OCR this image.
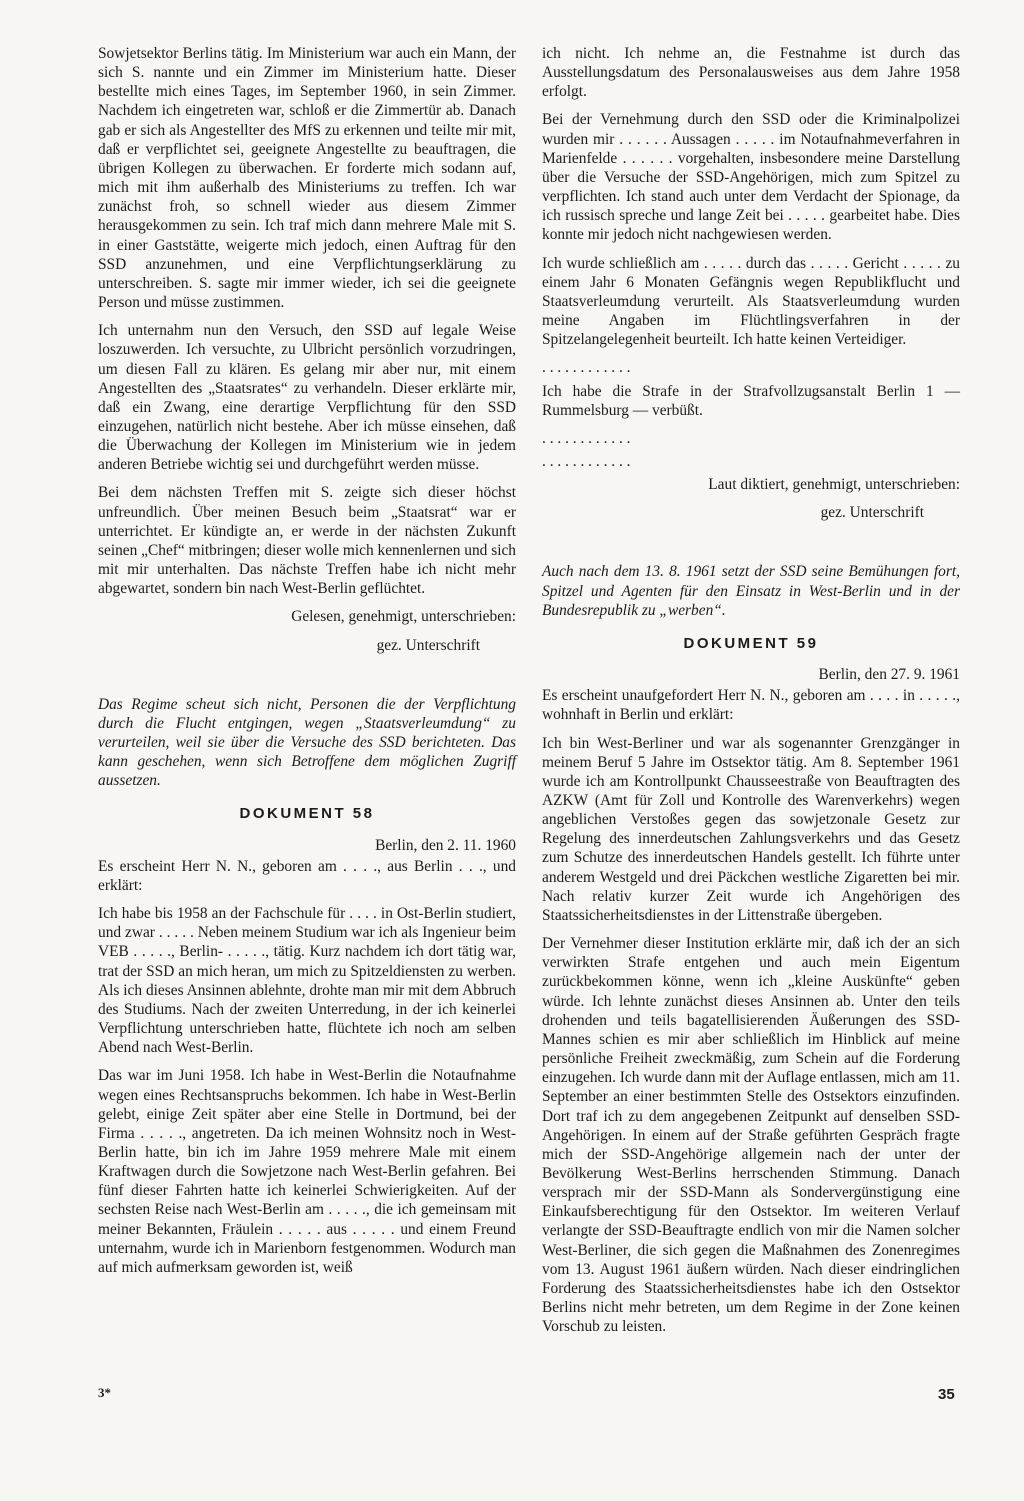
Sowjetsektor Berlins tätig. Im Ministerium war auch ein Mann, der sich S. nannte und ein Zimmer im Ministerium hatte. Dieser bestellte mich eines Tages, im September 1960, in sein Zimmer. Nachdem ich eingetreten war, schloß er die Zimmertür ab. Danach gab er sich als Angestellter des MfS zu erkennen und teilte mir mit, daß er verpflichtet sei, geeignete Angestellte zu beauftragen, die übrigen Kollegen zu überwachen. Er forderte mich sodann auf, mich mit ihm außerhalb des Ministeriums zu treffen. Ich war zunächst froh, so schnell wieder aus diesem Zimmer herausgekommen zu sein. Ich traf mich dann mehrere Male mit S. in einer Gaststätte, weigerte mich jedoch, einen Auftrag für den SSD anzunehmen, und eine Verpflichtungserklärung zu unterschreiben. S. sagte mir immer wieder, ich sei die geeignete Person und müsse zustimmen.

Ich unternahm nun den Versuch, den SSD auf legale Weise loszuwerden. Ich versuchte, zu Ulbricht persönlich vorzudringen, um diesen Fall zu klären. Es gelang mir aber nur, mit einem Angestellten des „Staatsrates“ zu verhandeln. Dieser erklärte mir, daß ein Zwang, eine derartige Verpflichtung für den SSD einzugehen, natürlich nicht bestehe. Aber ich müsse einsehen, daß die Überwachung der Kollegen im Ministerium wie in jedem anderen Betriebe wichtig sei und durchgeführt werden müsse.

Bei dem nächsten Treffen mit S. zeigte sich dieser höchst unfreundlich. Über meinen Besuch beim „Staatsrat“ war er unterrichtet. Er kündigte an, er werde in der nächsten Zukunft seinen „Chef“ mitbringen; dieser wolle mich kennenlernen und sich mit mir unterhalten. Das nächste Treffen habe ich nicht mehr abgewartet, sondern bin nach West-Berlin geflüchtet.

Gelesen, genehmigt, unterschrieben:

gez. Unterschrift

Das Regime scheut sich nicht, Personen die der Verpflichtung durch die Flucht entgingen, wegen „Staatsverleumdung“ zu verurteilen, weil sie über die Versuche des SSD berichteten. Das kann geschehen, wenn sich Betroffene dem möglichen Zugriff aussetzen.

DOKUMENT 58

Berlin, den 2. 11. 1960

Es erscheint Herr N. N., geboren am . . . ., aus Berlin . . ., und erklärt:

Ich habe bis 1958 an der Fachschule für . . . . in Ost-Berlin studiert, und zwar . . . . . Neben meinem Studium war ich als Ingenieur beim VEB . . . . ., Berlin- . . . . ., tätig. Kurz nachdem ich dort tätig war, trat der SSD an mich heran, um mich zu Spitzeldiensten zu werben. Als ich dieses Ansinnen ablehnte, drohte man mir mit dem Abbruch des Studiums. Nach der zweiten Unterredung, in der ich keinerlei Verpflichtung unterschrieben hatte, flüchtete ich noch am selben Abend nach West-Berlin.

Das war im Juni 1958. Ich habe in West-Berlin die Notaufnahme wegen eines Rechtsanspruchs bekommen. Ich habe in West-Berlin gelebt, einige Zeit später aber eine Stelle in Dortmund, bei der Firma . . . . ., angetreten. Da ich meinen Wohnsitz noch in West-Berlin hatte, bin ich im Jahre 1959 mehrere Male mit einem Kraftwagen durch die Sowjetzone nach West-Berlin gefahren. Bei fünf dieser Fahrten hatte ich keinerlei Schwierigkeiten. Auf der sechsten Reise nach West-Berlin am . . . . ., die ich gemeinsam mit meiner Bekannten, Fräulein . . . . . aus . . . . . und einem Freund unternahm, wurde ich in Marienborn festgenommen. Wodurch man auf mich aufmerksam geworden ist, weiß

ich nicht. Ich nehme an, die Festnahme ist durch das Ausstellungsdatum des Personalausweises aus dem Jahre 1958 erfolgt.

Bei der Vernehmung durch den SSD oder die Kriminalpolizei wurden mir . . . . . . Aussagen . . . . . im Notaufnahmeverfahren in Marienfelde . . . . . . vorgehalten, insbesondere meine Darstellung über die Versuche der SSD-Angehörigen, mich zum Spitzel zu verpflichten. Ich stand auch unter dem Verdacht der Spionage, da ich russisch spreche und lange Zeit bei . . . . . gearbeitet habe. Dies konnte mir jedoch nicht nachgewiesen werden.

Ich wurde schließlich am . . . . . durch das . . . . . Gericht . . . . . zu einem Jahr 6 Monaten Gefängnis wegen Republikflucht und Staatsverleumdung verurteilt. Als Staatsverleumdung wurden meine Angaben im Flüchtlingsverfahren in der Spitzelangelegenheit beurteilt. Ich hatte keinen Verteidiger.

. . . . . . . . . . . .

Ich habe die Strafe in der Strafvollzugsanstalt Berlin 1 —Rummelsburg — verbüßt.

. . . . . . . . . . . .

. . . . . . . . . . . .

Laut diktiert, genehmigt, unterschrieben:

gez. Unterschrift

Auch nach dem 13. 8. 1961 setzt der SSD seine Bemühungen fort, Spitzel und Agenten für den Einsatz in West-Berlin und in der Bundesrepublik zu „werben“.

DOKUMENT 59

Berlin, den 27. 9. 1961

Es erscheint unaufgefordert Herr N. N., geboren am . . . . in . . . . ., wohnhaft in Berlin und erklärt:

Ich bin West-Berliner und war als sogenannter Grenzgänger in meinem Beruf 5 Jahre im Ostsektor tätig. Am 8. September 1961 wurde ich am Kontrollpunkt Chausseestraße von Beauftragten des AZKW (Amt für Zoll und Kontrolle des Warenverkehrs) wegen angeblichen Verstoßes gegen das sowjetzonale Gesetz zur Regelung des innerdeutschen Zahlungsverkehrs und das Gesetz zum Schutze des innerdeutschen Handels gestellt. Ich führte unter anderem Westgeld und drei Päckchen westliche Zigaretten bei mir. Nach relativ kurzer Zeit wurde ich Angehörigen des Staatssicherheitsdienstes in der Littenstraße übergeben.

Der Vernehmer dieser Institution erklärte mir, daß ich der an sich verwirkten Strafe entgehen und auch mein Eigentum zurückbekommen könne, wenn ich „kleine Auskünfte“ geben würde. Ich lehnte zunächst dieses Ansinnen ab. Unter den teils drohenden und teils bagatellisierenden Äußerungen des SSD-Mannes schien es mir aber schließlich im Hinblick auf meine persönliche Freiheit zweckmäßig, zum Schein auf die Forderung einzugehen. Ich wurde dann mit der Auflage entlassen, mich am 11. September an einer bestimmten Stelle des Ostsektors einzufinden. Dort traf ich zu dem angegebenen Zeitpunkt auf denselben SSD-Angehörigen. In einem auf der Straße geführten Gespräch fragte mich der SSD-Angehörige allgemein nach der unter der Bevölkerung West-Berlins herrschenden Stimmung. Danach versprach mir der SSD-Mann als Sondervergünstigung eine Einkaufsberechtigung für den Ostsektor. Im weiteren Verlauf verlangte der SSD-Beauftragte endlich von mir die Namen solcher West-Berliner, die sich gegen die Maßnahmen des Zonenregimes vom 13. August 1961 äußern würden. Nach dieser eindringlichen Forderung des Staatssicherheitsdienstes habe ich den Ostsektor Berlins nicht mehr betreten, um dem Regime in der Zone keinen Vorschub zu leisten.

3*	35
